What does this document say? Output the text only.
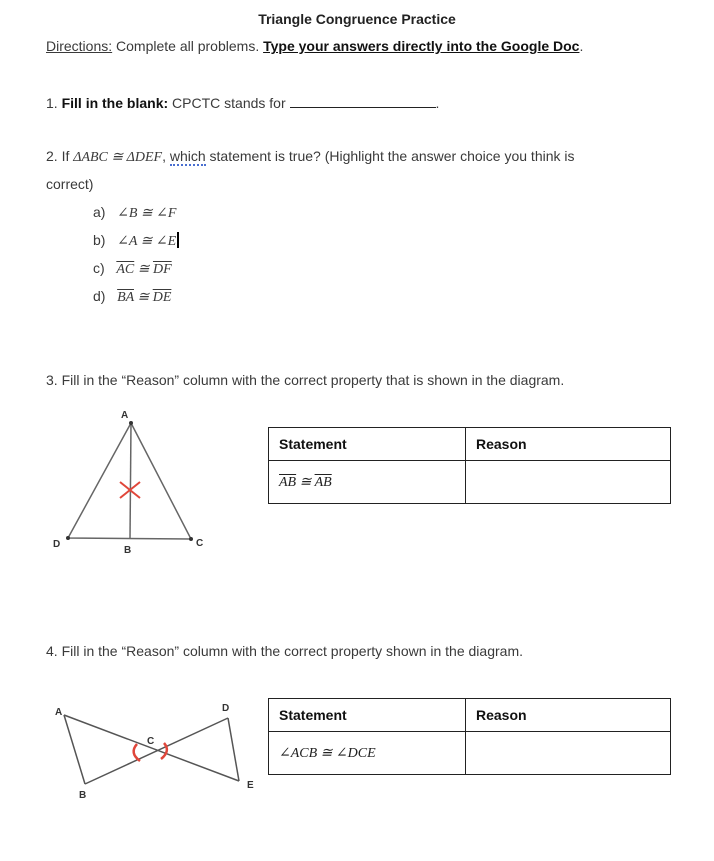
Triangle Congruence Practice
Directions: Complete all problems. Type your answers directly into the Google Doc.
1. Fill in the blank: CPCTC stands for	.
2. If ΔABC ≅ ΔDEF, which statement is true? (Highlight the answer choice you think is
correct)
a) ∠B ≅ ∠F
b) ∠A ≅ ∠E
c) $\overline{AC}$ ≅ $\overline{DF}$
d) $\overline{BA}$ ≅ $\overline{DE}$
3. Fill in the “Reason” column with the correct property that is shown in the diagram.
A
D	C
B
Statement	Reason
$\overline{AB}$ ≅ $\overline{AB}$	
4. Fill in the “Reason” column with the correct property shown in the diagram.
A
B
C
D
E
Statement	Reason
∠ACB ≅ ∠DCE	
